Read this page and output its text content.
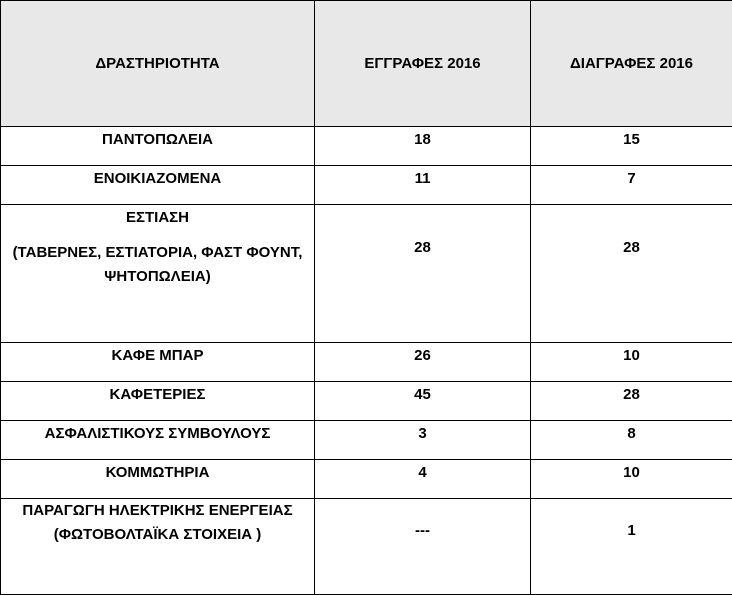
ΔΡΑΣΤΗΡΙΟΤΗΤΑ	ΕΓΓΡΑΦΕΣ 2016	ΔΙΑΓΡΑΦΕΣ 2016
ΠΑΝΤΟΠΩΛΕΙΑ	18	15
ΕΝΟΙΚΙΑΖΟΜΕΝΑ	11	7
ΕΣΤΙΑΣΗ
(ΤΑΒΕΡΝΕΣ, ΕΣΤΙΑΤΟΡΙΑ, ΦΑΣΤ ΦΟΥΝΤ, ΨΗΤΟΠΩΛΕΙΑ)	28	28
ΚΑΦΕ ΜΠΑΡ	26	10
ΚΑΦΕΤΕΡΙΕΣ	45	28
ΑΣΦΑΛΙΣΤΙΚΟΥΣ ΣΥΜΒΟΥΛΟΥΣ	3	8
ΚΟΜΜΩΤΗΡΙΑ	4	10
ΠΑΡΑΓΩΓΗ ΗΛΕΚΤΡΙΚΗΣ ΕΝΕΡΓΕΙΑΣ (ΦΩΤΟΒΟΛΤΑΪΚΑ ΣΤΟΙΧΕΙΑ )	---	1
